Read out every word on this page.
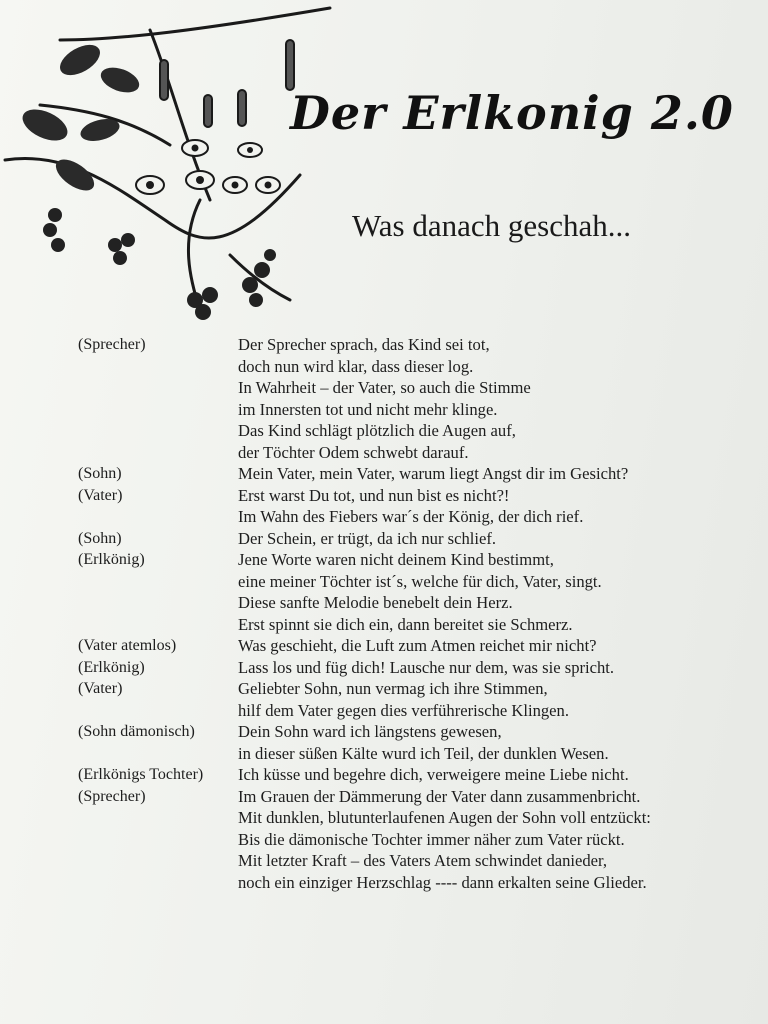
Der Erlkonig 2.0
Was danach geschah...
(Sprecher)	Der Sprecher sprach, das Kind sei tot,
doch nun wird klar, dass dieser log.
In Wahrheit – der Vater, so auch die Stimme
im Innersten tot und nicht mehr klinge.
Das Kind schlägt plötzlich die Augen auf,
der Töchter Odem schwebt darauf.
(Sohn)	Mein Vater, mein Vater, warum liegt Angst dir im Gesicht?
(Vater)	Erst warst Du tot, und nun bist es nicht?!
Im Wahn des Fiebers war´s der König, der dich rief.
(Sohn)	Der Schein, er trügt, da ich nur schlief.
(Erlkönig)	Jene Worte waren nicht deinem Kind bestimmt,
eine meiner Töchter ist´s, welche für dich, Vater, singt.
Diese sanfte Melodie benebelt dein Herz.
Erst spinnt sie dich ein, dann bereitet sie Schmerz.
(Vater atemlos)	Was geschieht, die Luft zum Atmen reichet mir nicht?
(Erlkönig)	Lass los und füg dich! Lausche nur dem, was sie spricht.
(Vater)	Geliebter Sohn, nun vermag ich ihre Stimmen,
hilf dem Vater gegen dies verführerische Klingen.
(Sohn dämonisch)	Dein Sohn ward ich längstens gewesen,
in dieser süßen Kälte wurd ich Teil, der dunklen Wesen.
(Erlkönigs Tochter)	Ich küsse und begehre dich, verweigere meine Liebe nicht.
(Sprecher)	Im Grauen der Dämmerung der Vater dann zusammenbricht.
Mit dunklen, blutunterlaufenen Augen der Sohn voll entzückt:
Bis die dämonische Tochter immer näher zum Vater rückt.
Mit letzter Kraft – des Vaters Atem schwindet danieder,
noch ein einziger Herzschlag ---- dann erkalten seine Glieder.
